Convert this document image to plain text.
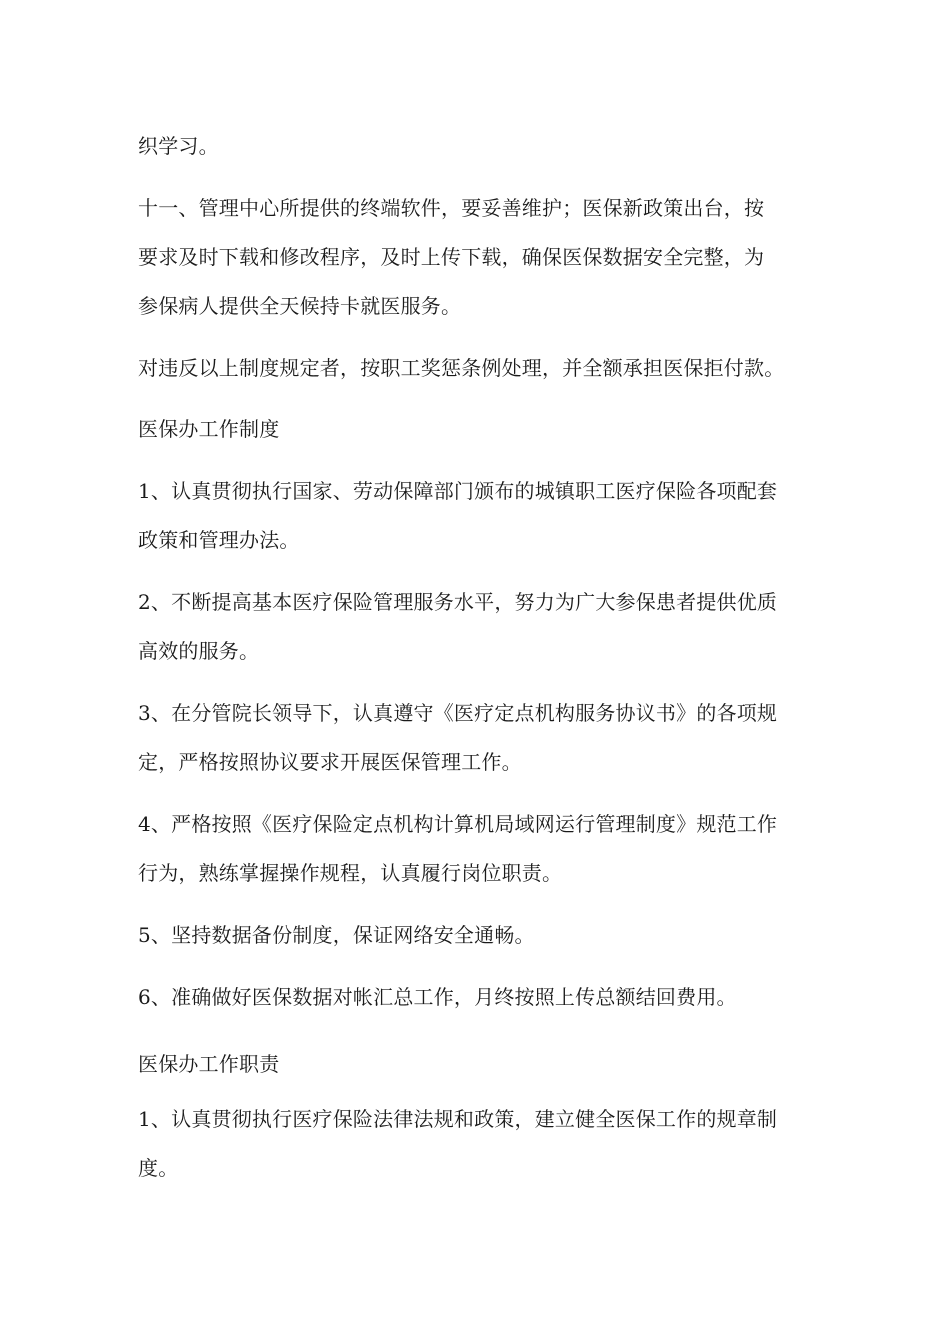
织学习。
十一、管理中心所提供的终端软件，要妥善维护；医保新政策出台，按
要求及时下载和修改程序，及时上传下载，确保医保数据安全完整，为
参保病人提供全天候持卡就医服务。
对违反以上制度规定者，按职工奖惩条例处理，并全额承担医保拒付款。
医保办工作制度
1、认真贯彻执行国家、劳动保障部门颁布的城镇职工医疗保险各项配套
政策和管理办法。
2、不断提高基本医疗保险管理服务水平，努力为广大参保患者提供优质
高效的服务。
3、在分管院长领导下，认真遵守《医疗定点机构服务协议书》的各项规
定，严格按照协议要求开展医保管理工作。
4、严格按照《医疗保险定点机构计算机局域网运行管理制度》规范工作
行为，熟练掌握操作规程，认真履行岗位职责。
5、坚持数据备份制度，保证网络安全通畅。
6、准确做好医保数据对帐汇总工作，月终按照上传总额结回费用。
医保办工作职责
1、认真贯彻执行医疗保险法律法规和政策，建立健全医保工作的规章制
度。
